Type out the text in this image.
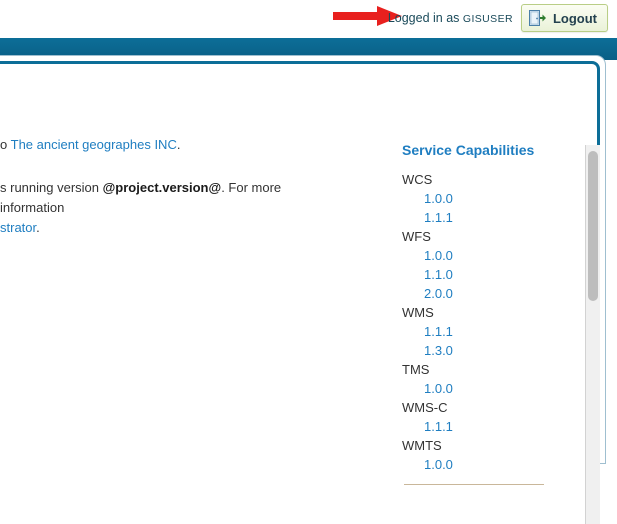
Logged in as GISUSER	Logout
o The ancient geographes INC.
s running version @project.version@. For more information
strator.
Service Capabilities
WCS
1.0.0
1.1.1
WFS
1.0.0
1.1.0
2.0.0
WMS
1.1.1
1.3.0
TMS
1.0.0
WMS-C
1.1.1
WMTS
1.0.0
